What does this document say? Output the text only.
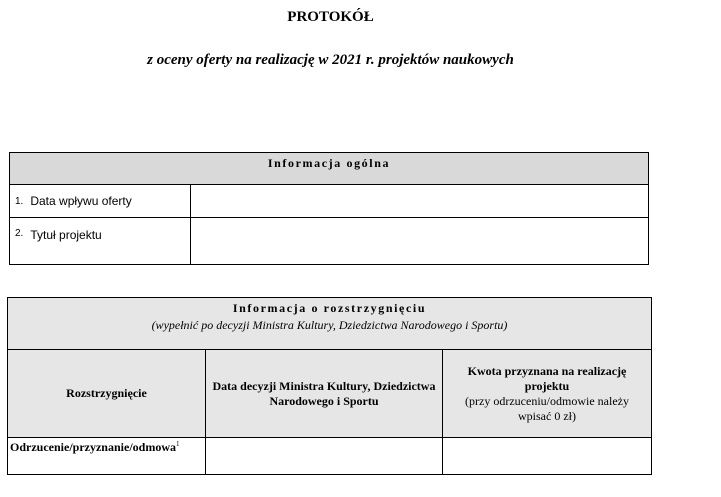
PROTOKÓŁ
z oceny oferty na realizację w 2021 r. projektów naukowych
Informacja ogólna
1. Data wpływu oferty
2. Tytuł projektu
Informacja o rozstrzygnięciu
(wypełnić po decyzji Ministra Kultury, Dziedzictwa Narodowego i Sportu)
Rozstrzygnięcie
Data decyzji Ministra Kultury, Dziedzictwa Narodowego i Sportu
Kwota przyznana na realizację projektu
(przy odrzuceniu/odmowie należy wpisać 0 zł)
Odrzucenie/przyznanie/odmowa$^1$
